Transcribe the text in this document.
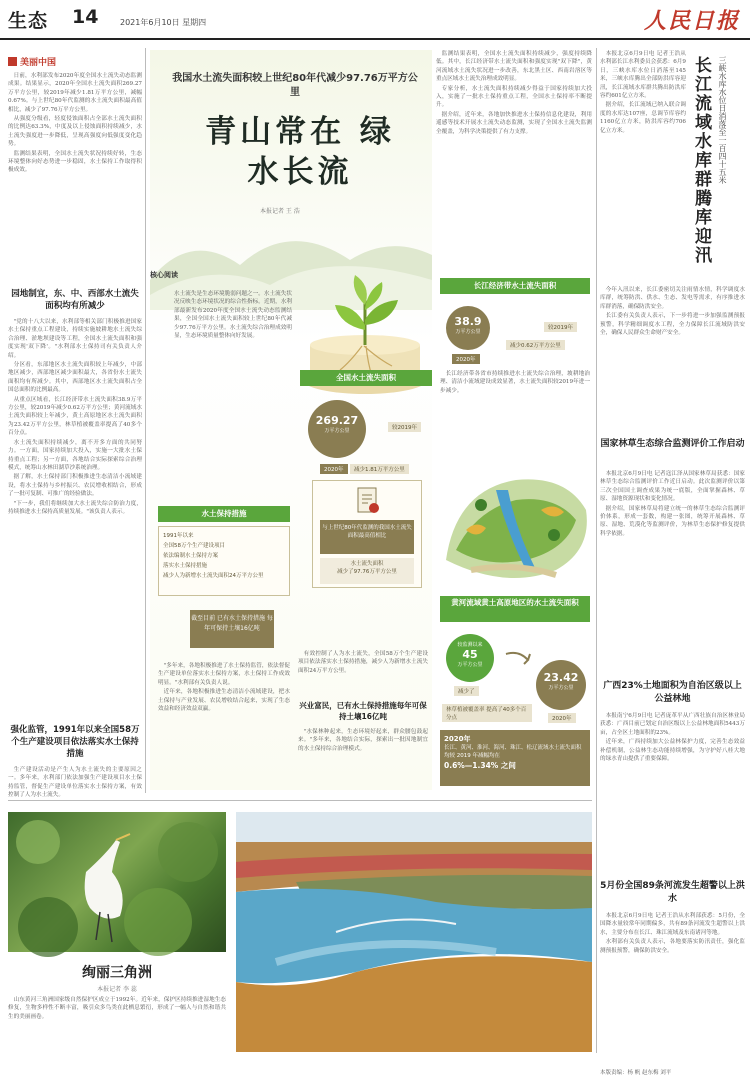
生态 14	2021年6月10日 星期四	人民日报
美丽中国

日前，水利部发布2020年度全国水土流失动态监测成果。结果显示，2020年全国水土流失面积269.27万平方公里，较2019年减少1.81万平方公里，减幅0.67%。与上世纪80年代监测的水土流失面积最高值相比，减少了97.76万平方公里。

从强度分级看，轻度侵蚀面积占全部水土流失面积的比例达63.3%，中度及以上侵蚀面积持续减少，水土流失强度进一步降低，呈现高强度向低强度变化趋势。

监测结果表明，全国水土流失状况持续好转，生态环境整体向好态势进一步稳固，水土保持工作取得积极成效。

园地制宜，东、中、西部水土流失面积均有所减少

"党的十八大以来，水利部等相关部门积极推进国家水土保持重点工程建设，持续实施坡耕地水土流失综合治理、淤地坝建设等工程，全国水土流失面积和强度实现'双下降'。"水利部水土保持司有关负责人介绍。

分区看，东部地区水土流失面积较上年减少，中部地区减少，西部地区减少面积最大，各省份水土流失面积均有所减少。其中，西部地区水土流失面积占全国总面积的比例最高。

从重点区域看，长江经济带水土流失面积38.9万平方公里，较2019年减少0.62万平方公里；黄河流域水土流失面积较上年减少，黄土高原地区水土流失面积为23.42万平方公里，林草植被覆盖率提高了40多个百分点。

水土流失面积持续减少，离不开多方面的共同努力。一方面，国家持续加大投入，实施一大批水土保持重点工程；另一方面，各地结合实际探索综合治理模式，统筹山水林田湖草沙系统治理。

据了解，水土保持部门积极推进生态清洁小流域建设，将水土保持与乡村振兴、农民增收相结合，形成了一批可复制、可推广的经验做法。

"下一步，我们将继续加大水土流失综合防治力度，持续推进水土保持高质量发展。"该负责人表示。

强化监管，1991年以来全国58万个生产建设项目依法落实水土保持措施

生产建设活动是产生人为水土流失的主要原因之一。多年来，水利部门依法加强生产建设项目水土保持监管，督促生产建设单位落实水土保持方案，有效控制了人为水土流失。

我国水土流失面积较上世纪80年代减少97.76万平方公里
青山常在 绿水长流
本报记者 王 浩
核心阅读
水土流失是生态环境脆弱问题之一。水土流失状况反映生态环境状况的综合性指标。近期，水利部最新发布2020年度全国水土流失动态监测结果，全国全国水土流失面积较上世纪80年代减少97.76万平方公里。水土流失综合治理成效明显，生态环境质量整体向好发展。
全国水土流失面积
269.27
万平方公里
2020年
较2019年
减少1.81万平方公里
与上世纪80年代监测的我国水土流失面积最高值相比
水土流失面积
减少了97.76万平方公里
水土保持措施
1991年以来
全国58万个生产建设项目
依法编制水土保持方案
落实水土保持措施
减少人为新增水土流失面积24万平方公里
截至目前 已有水土保持措施 每年可保持土壤16亿吨

"多年来，各地积极推进了水土保持监管，依法督促生产建设单位落实水土保持方案，水土保持工作成效明显。"水利部有关负责人说。

近年来，各地积极推进生态清洁小流域建设，把水土保持与产业发展、农民增收结合起来，实现了生态效益和经济效益双赢。	兴业富民，已有水土保持措施每年可保持土壤16亿吨

"水保林种起来，生态环境好起来，群众腰包鼓起来。"多年来，各地结合实际，探索出一批因地制宜的水土保持综合治理模式。

有效控制了人为水土流失，全国58万个生产建设项目依法落实水土保持措施，减少人为新增水土流失面积24万平方公里。

监测结果表明，全国水土流失面积持续减少，强度持续降低。其中，长江经济带水土流失面积和强度实现"双下降"，黄河流域水土流失状况进一步改善，东北黑土区、西南岩溶区等重点区域水土流失治理成效明显。

专家分析，水土流失面积持续减少得益于国家持续加大投入，实施了一批水土保持重点工程，全国水土保持率不断提升。

据介绍，近年来，各地加快推进水土保持信息化建设，利用遥感等技术开展水土流失动态监测，实现了全国水土流失监测全覆盖，为科学决策提供了有力支撑。

长江经济带水土流失面积
38.9
万平方公里
2020年
较2019年
减少0.62万平方公里

长江经济带各省市持续推进水土流失综合治理，坡耕地治理、清洁小流域建设成效显著，水土流失面积较2019年进一步减少。

黄河流域黄土高原地区的水土流失面积
较监测以来
45
万平方公里
减少了
23.42
万平方公里
2020年
林草植被覆盖率 提高了40多个百分点
2020年
长江、黄河、淮河、海河、珠江、松辽流域水土流失面积均较 2019 年减幅均在
0.6%—1.34% 之间
三峡水库水位日消落至一百四十五米
长江流域水库群腾库迎汛

本报北京6月9日电 记者王浩从水利部长江水利委员会获悉：6月9日，三峡水库水位日消落至145米，三峡水库腾出全部防洪库容迎汛，长江流域水库群共腾出防洪库容约601亿立方米。

据介绍，长江流域已纳入联合调度的水库达107座，总调节库容约1160亿立方米，防洪库容约706亿立方米。

今年入汛以来，长江委密切关注雨情水情，科学调度水库群，统筹防洪、供水、生态、发电等需求，有序推进水库群消落，确保防洪安全。

长江委有关负责人表示，下一步将进一步加强监测预报预警，科学精细调度水工程，全力保障长江流域防洪安全，确保人民群众生命财产安全。

国家林草生态综合监测评价工作启动

本报北京6月9日电 记者寇江泽从国家林草局获悉：国家林草生态综合监测评价工作近日启动。此次监测评价以第三次全国国土调查成果为统一底版，全面掌握森林、草原、湿地资源现状和变化情况。

据介绍，国家林草局将建立统一的林草生态综合监测评价体系，形成一套数，构建一张图，统筹开展森林、草原、湿地、荒漠化等监测评价，为林草生态保护修复提供科学依据。

广西23%土地面积为自治区级以上公益林地

本报南宁6月9日电 记者庞革平从广西壮族自治区林业局获悉：广西目前已划定自治区级以上公益林地面积5443万亩，占全区土地面积的23%。

近年来，广西持续加大公益林保护力度，完善生态效益补偿机制，公益林生态功能持续增强，为守护好八桂大地的绿水青山提供了重要保障。

5月份全国89条河流发生超警以上洪水

本报北京6月9日电 记者王浩从水利部获悉：5月份，全国降水量较常年同期偏多，共有89条河流发生超警以上洪水，主要分布在长江、珠江流域及东南诸河等地。

水利部有关负责人表示，各地要落实防汛责任，强化监测预报预警，确保防洪安全。

本版责编：杨 帆 赵东梅 刘平
绚丽三角洲
本报记者 李 蕊

山东黄河三角洲国家级自然保护区成立于1992年。近年来，保护区持续推进湿地生态修复，生物多样性不断丰富，吸引众多鸟类在此栖息繁衍，形成了一幅人与自然和谐共生的美丽画卷。
